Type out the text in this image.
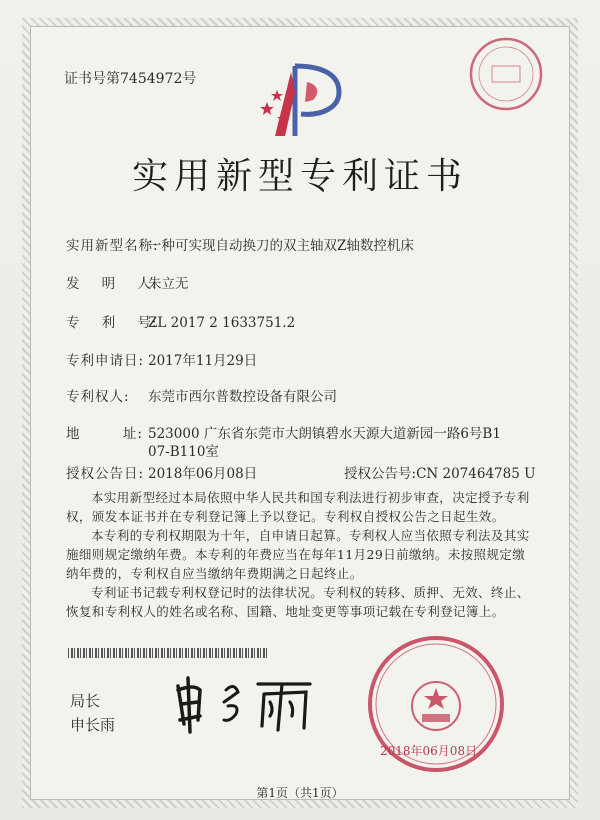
证书号第7454972号
实用新型专利证书
实用新型名称:一种可实现自动换刀的双主轴双Z轴数控机床
发    明    人:朱立无
专    利    号:ZL 2017 2 1633751.2
专利申请日: 2017年11月29日
专利权人: 东莞市西尔普数控设备有限公司
地        址: 523000 广东省东莞市大朗镇碧水天源大道新园一路6号B1
07-B110室
授权公告日: 2018年06月08日	授权公告号:CN 207464785 U
本实用新型经过本局依照中华人民共和国专利法进行初步审查，决定授予专利权，颁发本证书并在专利登记簿上予以登记。专利权自授权公告之日起生效。
本专利的专利权期限为十年，自申请日起算。专利权人应当依照专利法及其实施细则规定缴纳年费。本专利的年费应当在每年11月29日前缴纳。未按照规定缴纳年费的，专利权自应当缴纳年费期满之日起终止。
专利证书记载专利权登记时的法律状况。专利权的转移、质押、无效、终止、恢复和专利权人的姓名或名称、国籍、地址变更等事项记载在专利登记簿上。
局长
申长雨
2018年06月08日
第1页（共1页）
